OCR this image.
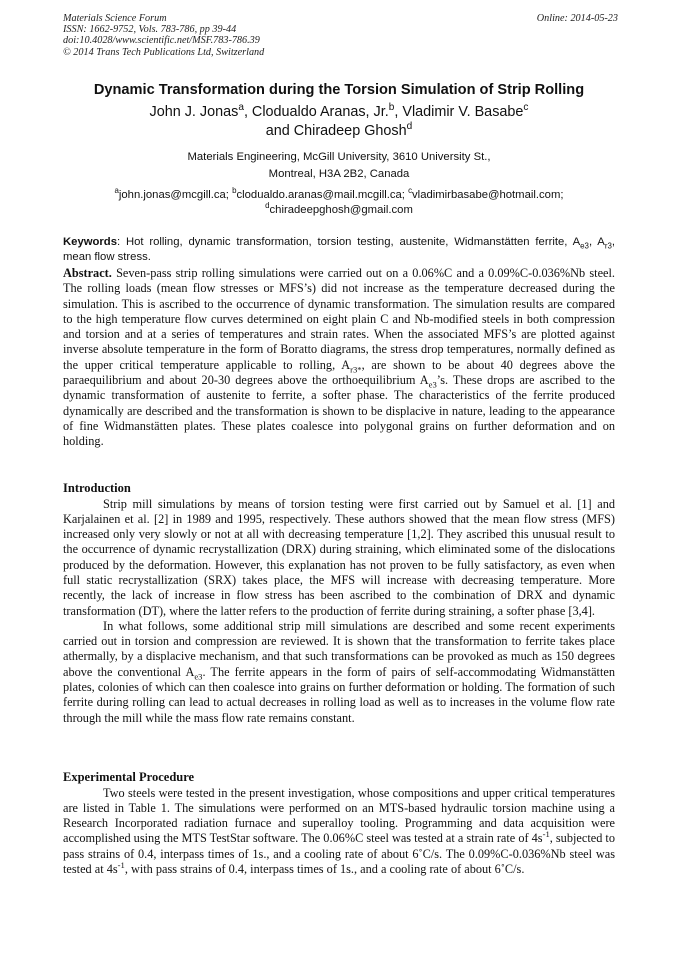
Materials Science Forum
ISSN: 1662-9752, Vols. 783-786, pp 39-44
doi:10.4028/www.scientific.net/MSF.783-786.39
© 2014 Trans Tech Publications Ltd, Switzerland
Online: 2014-05-23
Dynamic Transformation during the Torsion Simulation of Strip Rolling
John J. Jonas$^a$, Clodualdo Aranas, Jr.$^b$, Vladimir V. Basabe$^c$
and Chiradeep Ghosh$^d$
Materials Engineering, McGill University, 3610 University St.,
Montreal, H3A 2B2, Canada
$^a$john.jonas@mcgill.ca; $^b$clodualdo.aranas@mail.mcgill.ca; $^c$vladimirbasabe@hotmail.com;
$^d$chiradeepghosh@gmail.com
Keywords: Hot rolling, dynamic transformation, torsion testing, austenite, Widmanstätten ferrite, $A_{e3}$, $A_{r3}$, mean flow stress.
Abstract. Seven-pass strip rolling simulations were carried out on a 0.06%C and a 0.09%C-0.036%Nb steel. The rolling loads (mean flow stresses or MFS’s) did not increase as the temperature decreased during the simulation. This is ascribed to the occurrence of dynamic transformation. The simulation results are compared to the high temperature flow curves determined on eight plain C and Nb-modified steels in both compression and torsion and at a series of temperatures and strain rates. When the associated MFS’s are plotted against inverse absolute temperature in the form of Boratto diagrams, the stress drop temperatures, normally defined as the upper critical temperature applicable to rolling, $A_{r3*}$, are shown to be about 40 degrees above the paraequilibrium and about 20-30 degrees above the orthoequilibrium $A_{e3}’s$. These drops are ascribed to the dynamic transformation of austenite to ferrite, a softer phase. The characteristics of the ferrite produced dynamically are described and the transformation is shown to be displacive in nature, leading to the appearance of fine Widmanstätten plates. These plates coalesce into polygonal grains on further deformation and on holding.
Introduction

Strip mill simulations by means of torsion testing were first carried out by Samuel et al. [1] and Karjalainen et al. [2] in 1989 and 1995, respectively. These authors showed that the mean flow stress (MFS) increased only very slowly or not at all with decreasing temperature [1,2]. They ascribed this unusual result to the occurrence of dynamic recrystallization (DRX) during straining, which eliminated some of the dislocations produced by the deformation. However, this explanation has not proven to be fully satisfactory, as even when full static recrystallization (SRX) takes place, the MFS will increase with decreasing temperature. More recently, the lack of increase in flow stress has been ascribed to the combination of DRX and dynamic transformation (DT), where the latter refers to the production of ferrite during straining, a softer phase [3,4].

In what follows, some additional strip mill simulations are described and some recent experiments carried out in torsion and compression are reviewed. It is shown that the transformation to ferrite takes place athermally, by a displacive mechanism, and that such transformations can be provoked as much as 150 degrees above the conventional $A_{e3}$. The ferrite appears in the form of pairs of self-accommodating Widmanstätten plates, colonies of which can then coalesce into grains on further deformation or holding. The formation of such ferrite during rolling can lead to actual decreases in rolling load as well as to increases in the volume flow rate through the mill while the mass flow rate remains constant.

Experimental Procedure

Two steels were tested in the present investigation, whose compositions and upper critical temperatures are listed in Table 1. The simulations were performed on an MTS-based hydraulic torsion machine using a Research Incorporated radiation furnace and superalloy tooling. Programming and data acquisition were accomplished using the MTS TestStar software. The 0.06%C steel was tested at a strain rate of $4s^{-1}$, subjected to pass strains of 0.4, interpass times of 1s., and a cooling rate of about 6˚C/s. The 0.09%C-0.036%Nb steel was tested at $4s^{-1}$, with pass strains of 0.4, interpass times of 1s., and a cooling rate of about 6˚C/s.
